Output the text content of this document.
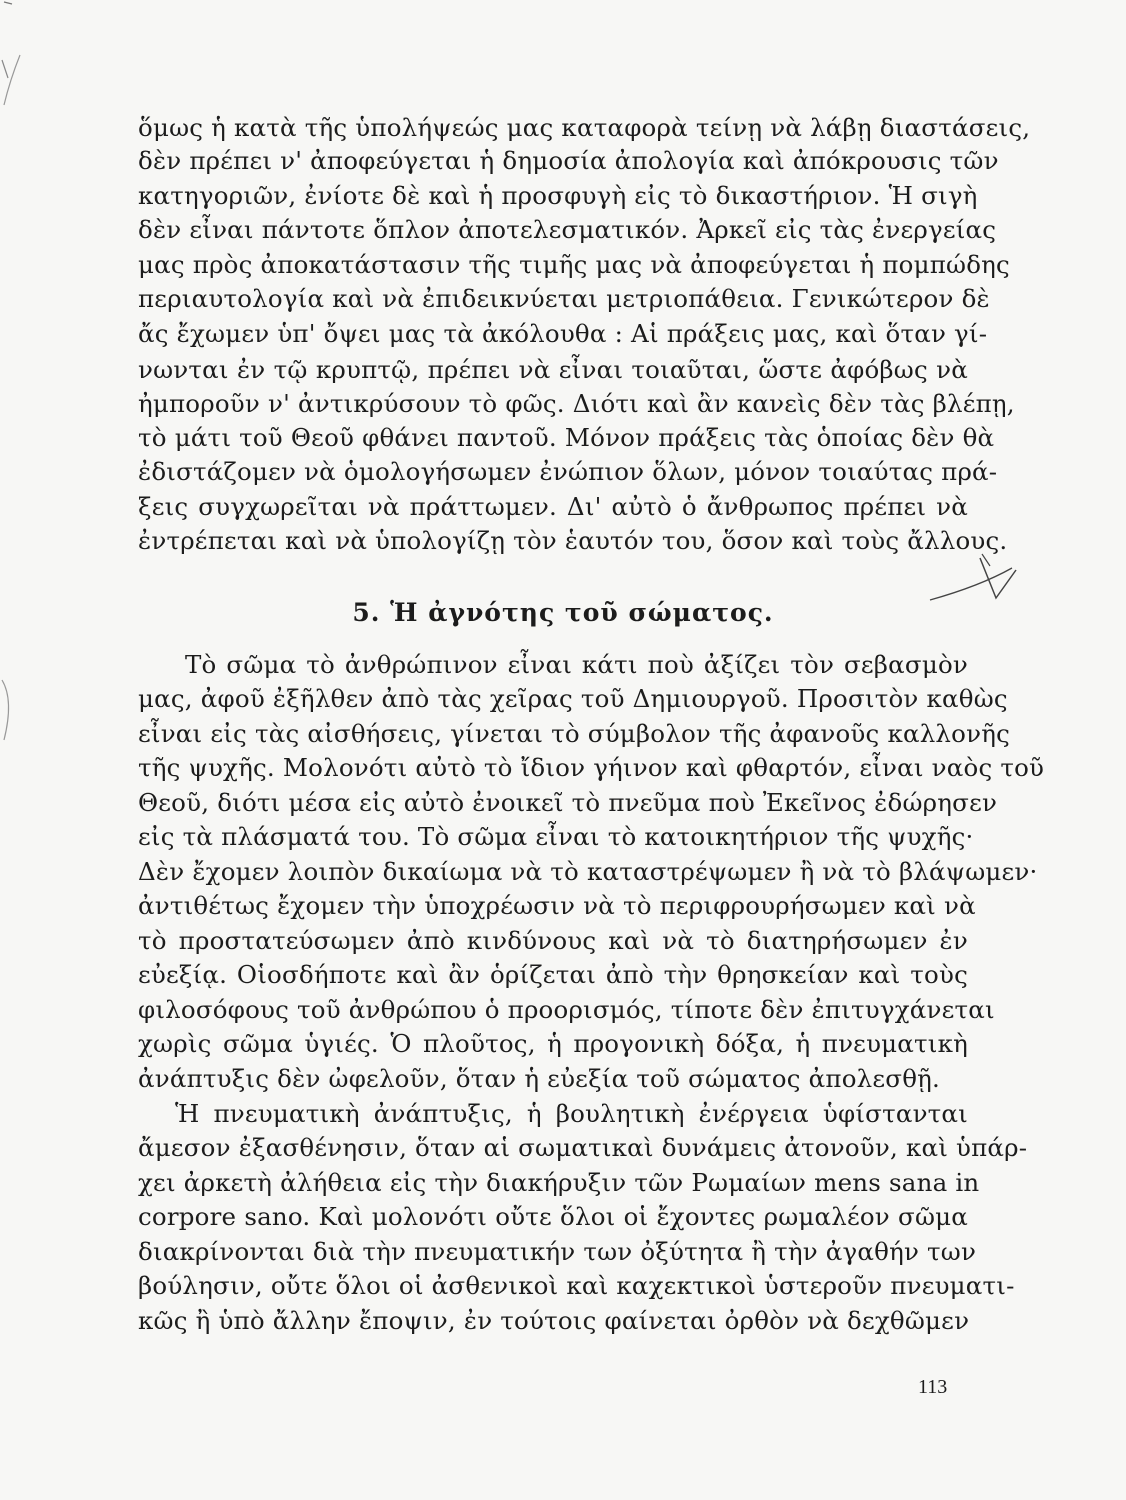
ὅμως ἡ κατὰ τῆς ὑπολήψεώς μας καταφορὰ τείνῃ νὰ λάβῃ διαστάσεις,
δὲν πρέπει ν' ἀποφεύγεται ἡ δημοσία ἀπολογία καὶ ἀπόκρουσις τῶν
κατηγοριῶν, ἐνίοτε δὲ καὶ ἡ προσφυγὴ εἰς τὸ δικαστήριον. Ἡ σιγὴ
δὲν εἶναι πάντοτε ὅπλον ἀποτελεσματικόν. Ἀρκεῖ εἰς τὰς ἐνεργείας
μας πρὸς ἀποκατάστασιν τῆς τιμῆς μας νὰ ἀποφεύγεται ἡ πομπώδης
περιαυτολογία καὶ νὰ ἐπιδεικνύεται μετριοπάθεια. Γενικώτερον δὲ
ἄς ἔχωμεν ὑπ' ὄψει μας τὰ ἀκόλουθα : Αἱ πράξεις μας, καὶ ὅταν γί-
νωνται ἐν τῷ κρυπτῷ, πρέπει νὰ εἶναι τοιαῦται, ὥστε ἀφόβως νὰ
ἠμποροῦν ν' ἀντικρύσουν τὸ φῶς. Διότι καὶ ἂν κανεὶς δὲν τὰς βλέπῃ,
τὸ μάτι τοῦ Θεοῦ φθάνει παντοῦ. Μόνον πράξεις τὰς ὁποίας δὲν θὰ
ἐδιστάζομεν νὰ ὁμολογήσωμεν ἐνώπιον ὅλων, μόνον τοιαύτας πρά-
ξεις συγχωρεῖται νὰ πράττωμεν. Δι' αὐτὸ ὁ ἄνθρωπος πρέπει νὰ
ἐντρέπεται καὶ νὰ ὑπολογίζῃ τὸν ἑαυτόν του, ὅσον καὶ τοὺς ἄλλους.
5. Ἡ ἀγνότης τοῦ σώματος.
Τὸ σῶμα τὸ ἀνθρώπινον εἶναι κάτι ποὺ ἀξίζει τὸν σεβασμὸν
μας, ἀφοῦ ἐξῆλθεν ἀπὸ τὰς χεῖρας τοῦ Δημιουργοῦ. Προσιτὸν καθὼς
εἶναι εἰς τὰς αἰσθήσεις, γίνεται τὸ σύμβολον τῆς ἀφανοῦς καλλονῆς
τῆς ψυχῆς. Μολονότι αὐτὸ τὸ ἴδιον γήινον καὶ φθαρτόν, εἶναι ναὸς τοῦ
Θεοῦ, διότι μέσα εἰς αὐτὸ ἐνοικεῖ τὸ πνεῦμα ποὺ Ἐκεῖνος ἐδώρησεν
εἰς τὰ πλάσματά του. Τὸ σῶμα εἶναι τὸ κατοικητήριον τῆς ψυχῆς·
Δὲν ἔχομεν λοιπὸν δικαίωμα νὰ τὸ καταστρέψωμεν ἢ νὰ τὸ βλάψωμεν·
ἀντιθέτως ἔχομεν τὴν ὑποχρέωσιν νὰ τὸ περιφρουρήσωμεν καὶ νὰ
τὸ προστατεύσωμεν ἀπὸ κινδύνους καὶ νὰ τὸ διατηρήσωμεν ἐν
εὐεξίᾳ. Οἱοσδήποτε καὶ ἂν ὁρίζεται ἀπὸ τὴν θρησκείαν καὶ τοὺς
φιλοσόφους τοῦ ἀνθρώπου ὁ προορισμός, τίποτε δὲν ἐπιτυγχάνεται
χωρὶς σῶμα ὑγιές. Ὁ πλοῦτος, ἡ προγονικὴ δόξα, ἡ πνευματικὴ
ἀνάπτυξις δὲν ὠφελοῦν, ὅταν ἡ εὐεξία τοῦ σώματος ἀπολεσθῇ.
Ἡ πνευματικὴ ἀνάπτυξις, ἡ βουλητικὴ ἐνέργεια ὑφίστανται
ἄμεσον ἐξασθένησιν, ὅταν αἱ σωματικαὶ δυνάμεις ἀτονοῦν, καὶ ὑπάρ-
χει ἀρκετὴ ἀλήθεια εἰς τὴν διακήρυξιν τῶν Ρωμαίων mens sana in
corpore sano. Καὶ μολονότι οὔτε ὅλοι οἱ ἔχοντες ρωμαλέον σῶμα
διακρίνονται διὰ τὴν πνευματικήν των ὀξύτητα ἢ τὴν ἀγαθήν των
βούλησιν, οὔτε ὅλοι οἱ ἀσθενικοὶ καὶ καχεκτικοὶ ὑστεροῦν πνευματι-
κῶς ἢ ὑπὸ ἄλλην ἔποψιν, ἐν τούτοις φαίνεται ὀρθὸν νὰ δεχθῶμεν
113
